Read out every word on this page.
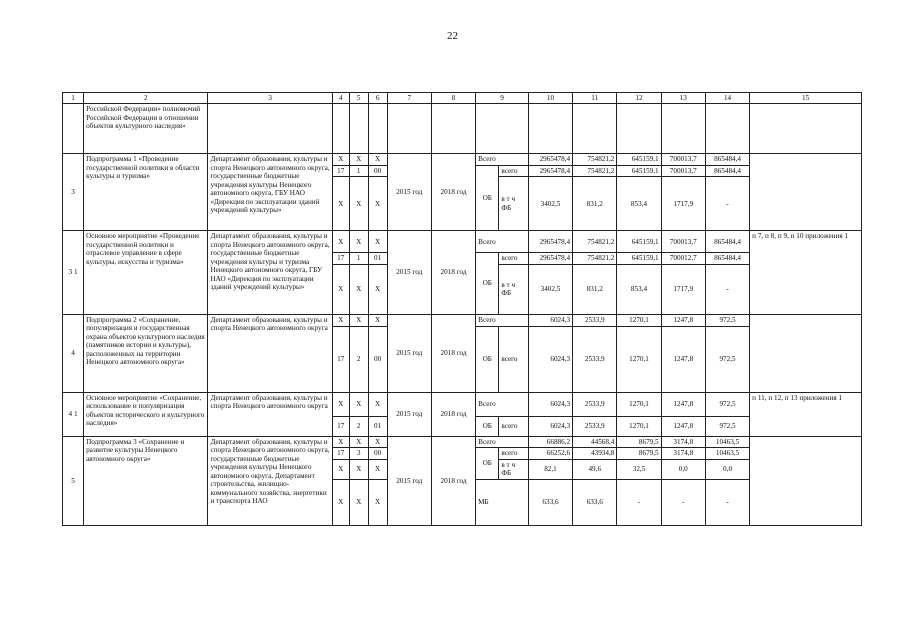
22
1	2	3	4	5	6	7	8	9		10	11	12	13	14	15
	Российской Федерации» полномочий Российской Федерации в отношении объектов культурного наследия»														
3	Подпрограмма 1 «Проведение государственной политики в области культуры и туризма»	Департамент образования, культуры и спорта Ненецкого автономного округа, государственные бюджетные учреждения культуры Ненецкого автономного округа, ГБУ НАО «Дирекция по эксплуатации зданий учреждений культуры»	X	X	X	2015 год	2018 год	Всего		2965478,4	754821,2	645159,1	700013,7	865484,4	
			17	1	00			ОБ	всего	2965478,4	754821,2	645159,1	700013,7	865484,4	
			X	X	X				в т ч ФБ	3402,5	831,2	853,4	1717,9	-	
3 1	Основное мероприятие «Проведение государственной политики и отраслевое управление в сфере культуры, искусства и туризма»	Департамент образования, культуры и спорта Ненецкого автономного округа, государственные бюджетные учреждения культуры и туризма Ненецкого автономного округа, ГБУ НАО «Дирекция по эксплуатации зданий учреждений культуры»	X	X	X	2015 год	2018 год	Всего		2965478,4	754821,2	645159,1	700013,7	865484,4	п 7, п 8, п 9, п 10 приложения 1
			17	1	01			ОБ	всего	2965478,4	754821,2	645159,1	700012,7	865484,4	
			X	X	X				в т ч ФБ	3402,5	831,2	853,4	1717,9	-	
4	Подпрограмма 2 «Сохранение, популяризация и государственная охрана объектов культурного наследия (памятников истории и культуры), расположенных на территории Ненецкого автономного округа»	Департамент образования, культуры и спорта Ненецкого автономного округа	X	X	X	2015 год	2018 год	Всего		6024,3	2533,9	1270,1	1247,8	972,5	
			17	2	00			ОБ	всего	6024,3	2533,9	1270,1	1247,8	972,5	
4 1	Основное мероприятие «Сохранение, использование и популяризация объектов исторического и культурного наследия»	Департамент образования, культуры и спорта Ненецкого автономного округа	X	X	X	2015 год	2018 год	Всего		6024,3	2533,9	1270,1	1247,8	972,5	п 11, п 12, п 13 приложения 1
			17	2	01			ОБ	всего	6024,3	2533,9	1270,1	1247,8	972,5	
5	Подпрограмма 3 «Сохранение и развитие культуры Ненецкого автономного округа»	Департамент образования, культуры и спорта Ненецкого автономного округа, государственные бюджетные учреждения культуры Ненецкого автономного округа, Департамент строительства, жилищно-коммунального хозяйства, энергетики и транспорта НАО	X	X	X	2015 год	2018 год	Всего		66886,2	44568,4	8679,5	3174,8	10463,5	
			17	3	00			ОБ	всего	66252,6	43934,8	8679,5	3174,8	10463,5	
			X	X	X				в т ч ФБ	82,1	49,6	32,5	0,0	0,0	
			X	X	X			МБ		633,6	633,6	-	-	-	
